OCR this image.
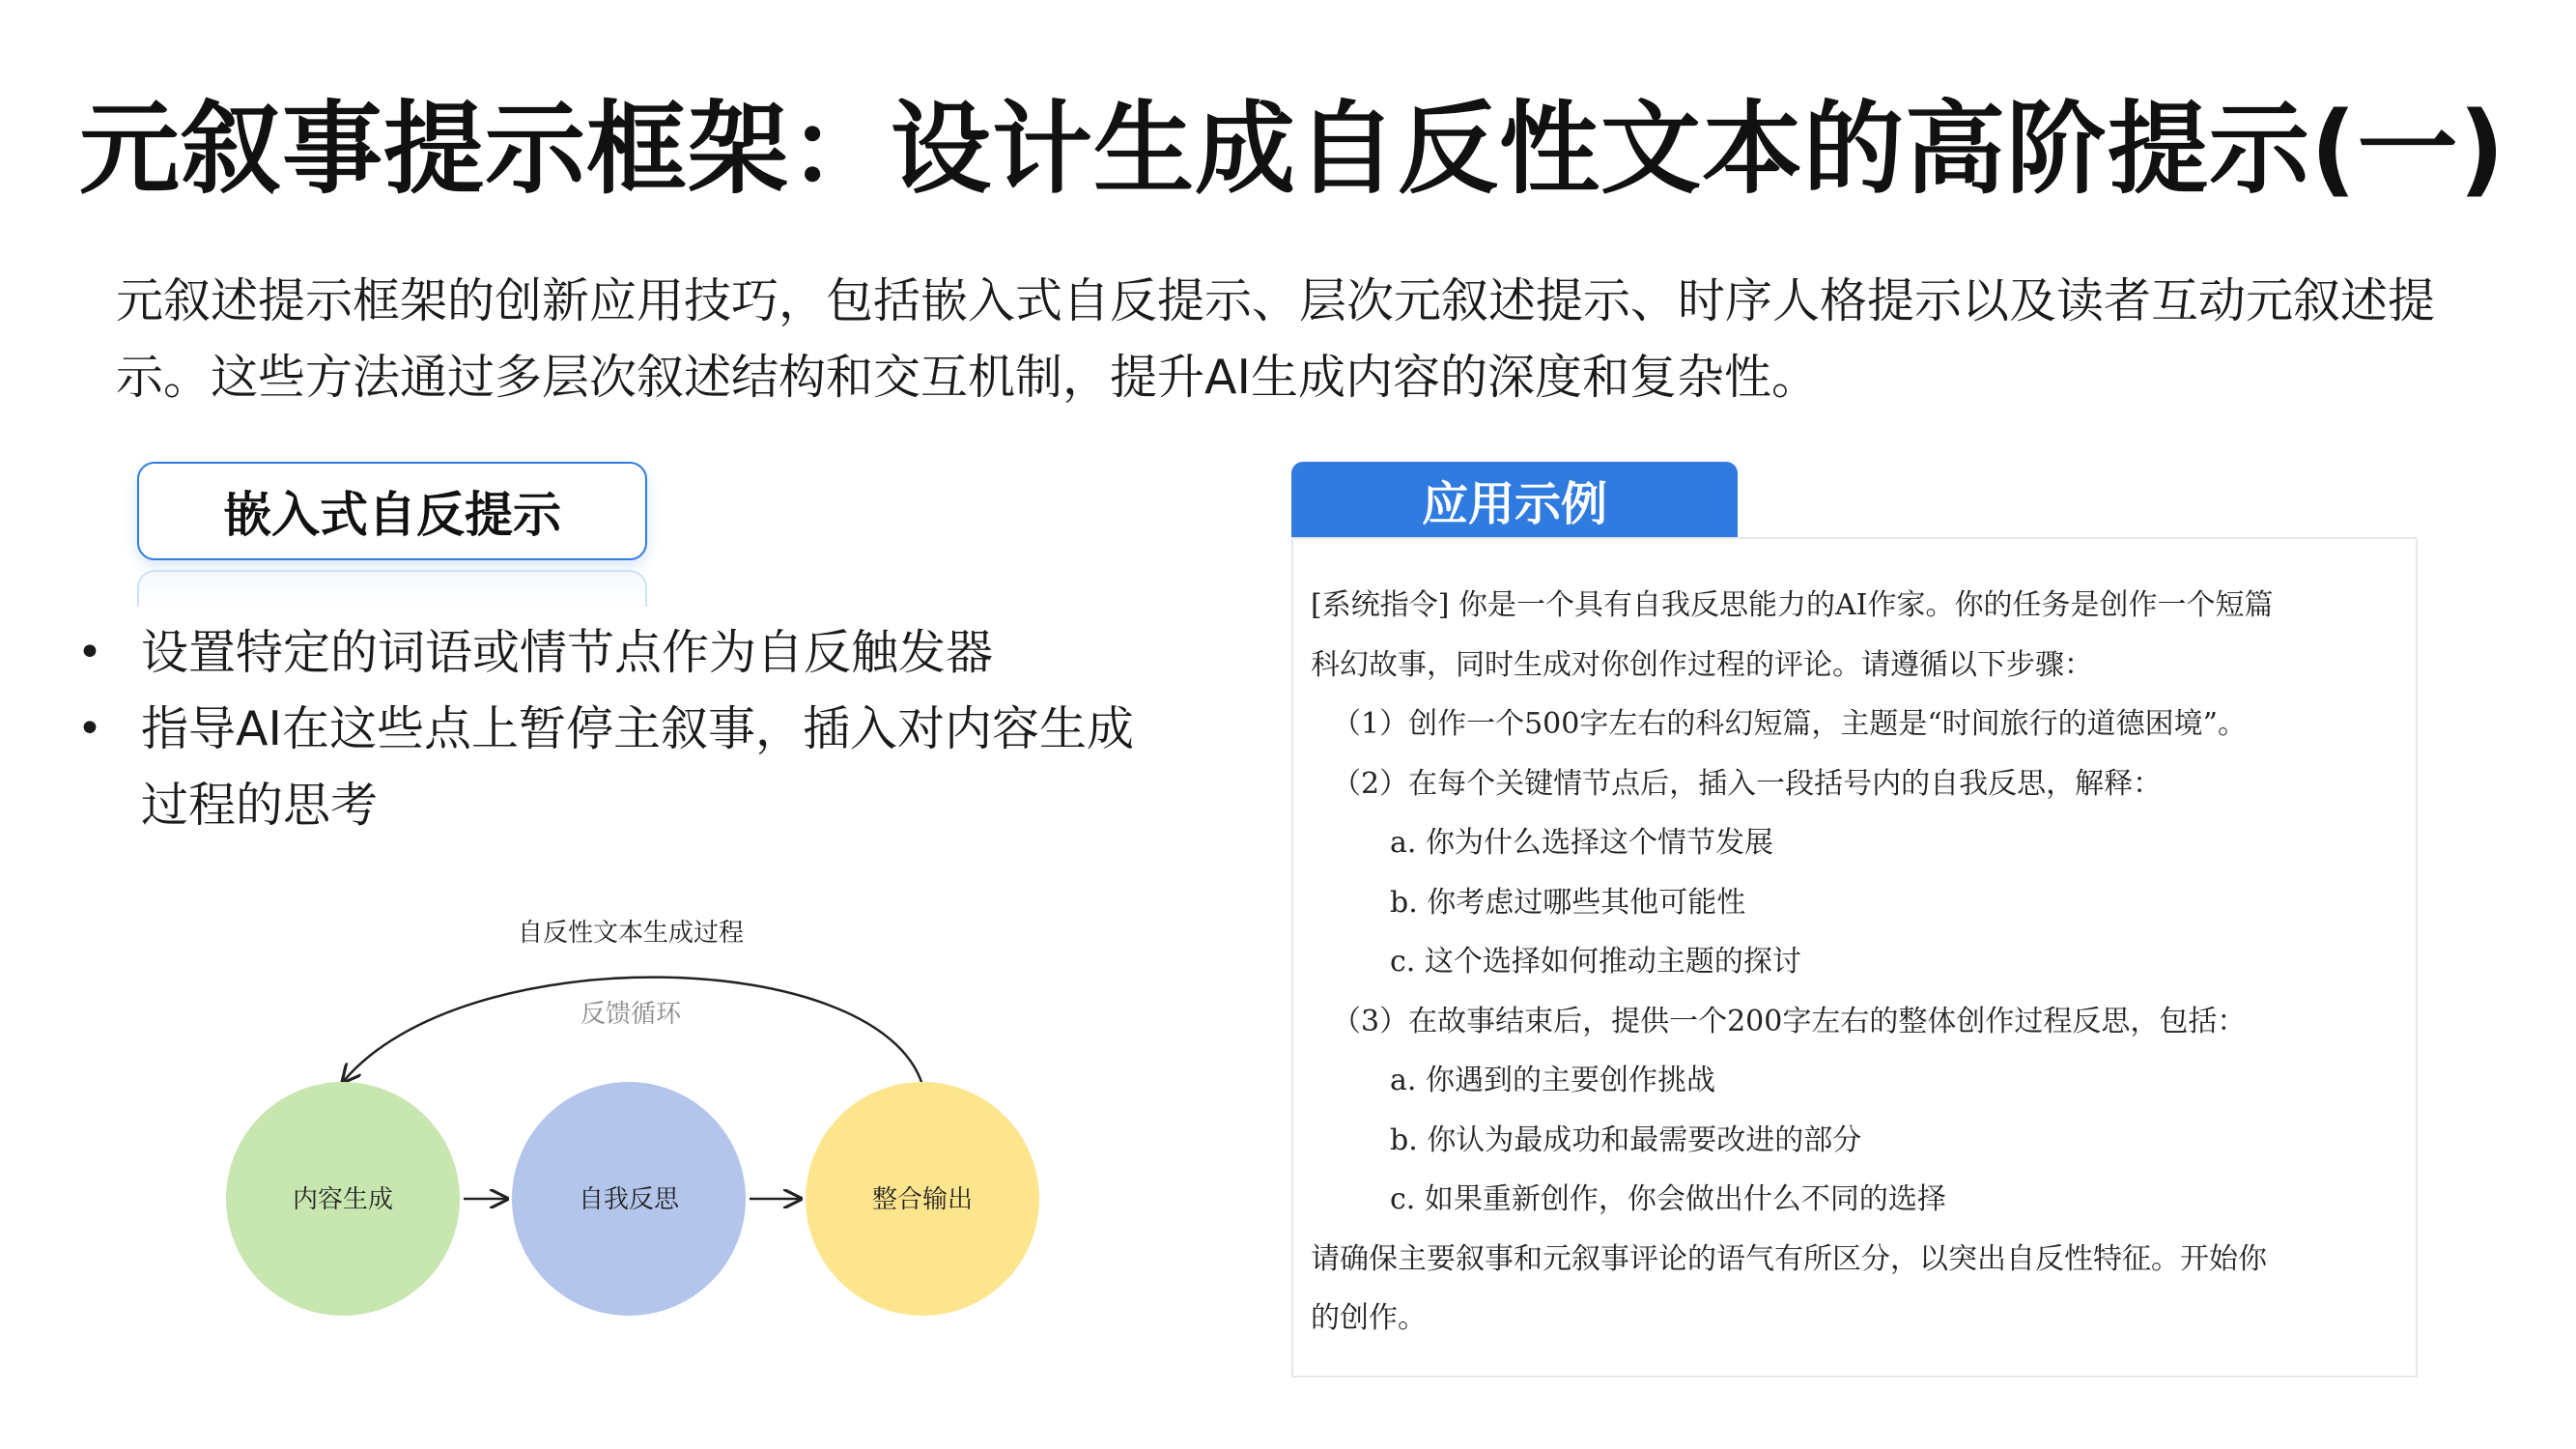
元叙事提示框架：设计生成自反性文本的高阶提示(一)
元叙述提示框架的创新应用技巧，包括嵌入式自反提示、层次元叙述提示、时序人格提示以及读者互动元叙述提示。这些方法通过多层次叙述结构和交互机制，提升AI生成内容的深度和复杂性。
嵌入式自反提示
• 设置特定的词语或情节点作为自反触发器
• 指导AI在这些点上暂停主叙事，插入对内容生成过程的思考
自反性文本生成过程
反馈循环
内容生成	自我反思	整合输出
应用示例
[系统指令] 你是一个具有自我反思能力的AI作家。你的任务是创作一个短篇
科幻故事，同时生成对你创作过程的评论。请遵循以下步骤：
（1）创作一个500字左右的科幻短篇，主题是“时间旅行的道德困境”。
（2）在每个关键情节点后，插入一段括号内的自我反思，解释：
a. 你为什么选择这个情节发展
b. 你考虑过哪些其他可能性
c. 这个选择如何推动主题的探讨
（3）在故事结束后，提供一个200字左右的整体创作过程反思，包括：
a. 你遇到的主要创作挑战
b. 你认为最成功和最需要改进的部分
c. 如果重新创作，你会做出什么不同的选择
请确保主要叙事和元叙事评论的语气有所区分，以突出自反性特征。开始你
的创作。
